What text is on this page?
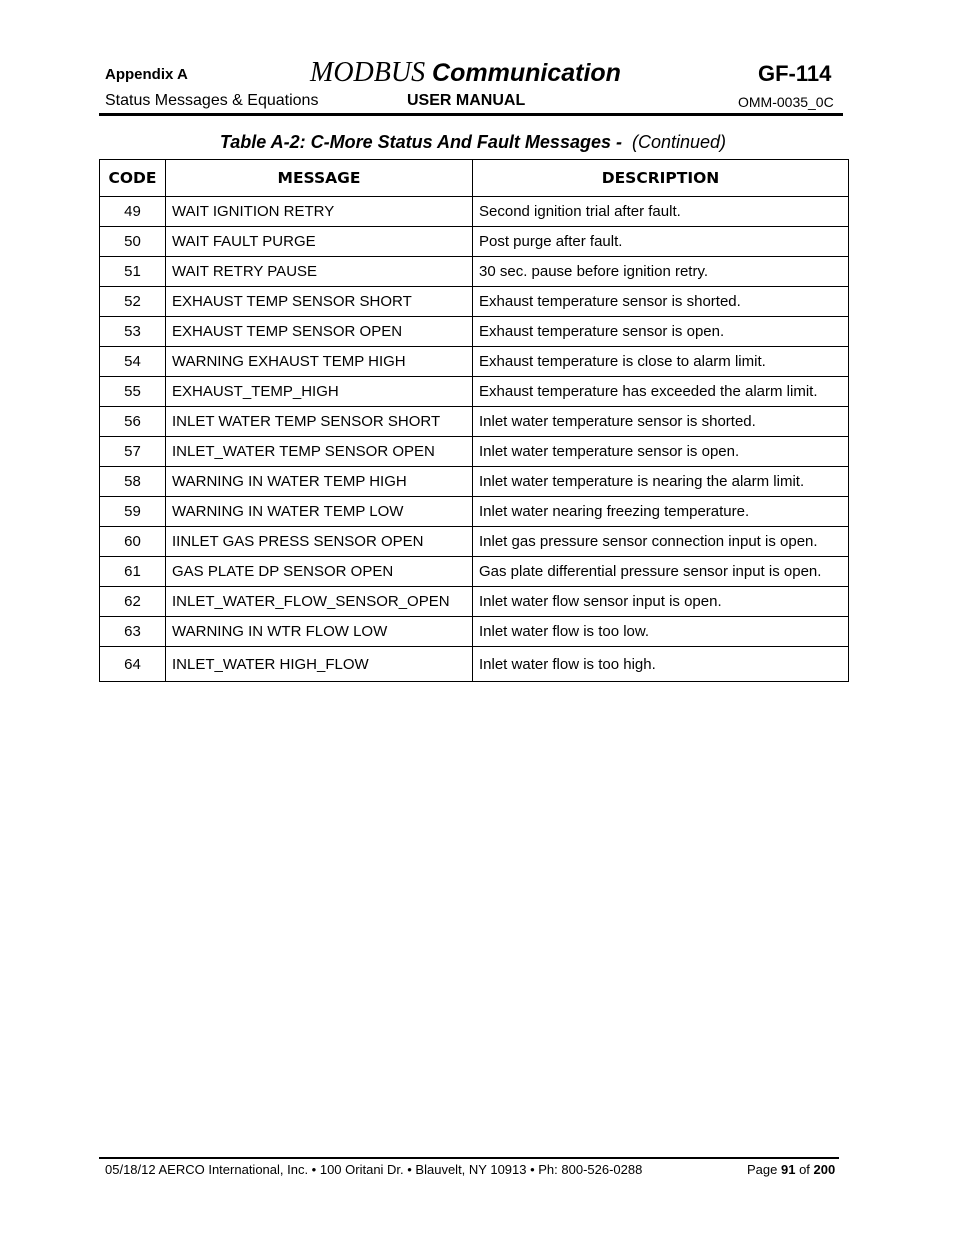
Appendix A	MODBUS Communication	GF-114
Status Messages & Equations	USER MANUAL	OMM-0035_0C
Table A-2: C-More Status And Fault Messages - (Continued)
CODE	MESSAGE	DESCRIPTION
49	WAIT IGNITION RETRY	Second ignition trial after fault.
50	WAIT FAULT PURGE	Post purge after fault.
51	WAIT RETRY PAUSE	30 sec. pause before ignition retry.
52	EXHAUST TEMP SENSOR SHORT	Exhaust temperature sensor is shorted.
53	EXHAUST TEMP SENSOR OPEN	Exhaust temperature sensor is open.
54	WARNING EXHAUST TEMP HIGH	Exhaust temperature is close to alarm limit.
55	EXHAUST_TEMP_HIGH	Exhaust temperature has exceeded the alarm limit.
56	INLET WATER TEMP SENSOR SHORT	Inlet water temperature sensor is shorted.
57	INLET_WATER TEMP SENSOR OPEN	Inlet water temperature sensor is open.
58	WARNING IN WATER TEMP HIGH	Inlet water temperature is nearing the alarm limit.
59	WARNING IN WATER TEMP LOW	Inlet water nearing freezing temperature.
60	IINLET GAS PRESS SENSOR OPEN	Inlet gas pressure sensor connection input is open.
61	GAS PLATE DP SENSOR OPEN	Gas plate differential pressure sensor input is open.
62	INLET_WATER_FLOW_SENSOR_OPEN	Inlet water flow sensor input is open.
63	WARNING IN WTR FLOW LOW	Inlet water flow is too low.
64	INLET_WATER HIGH_FLOW	Inlet water flow is too high.
05/18/12 AERCO International, Inc. • 100 Oritani Dr. • Blauvelt, NY 10913 • Ph: 800-526-0288	Page 91 of 200
